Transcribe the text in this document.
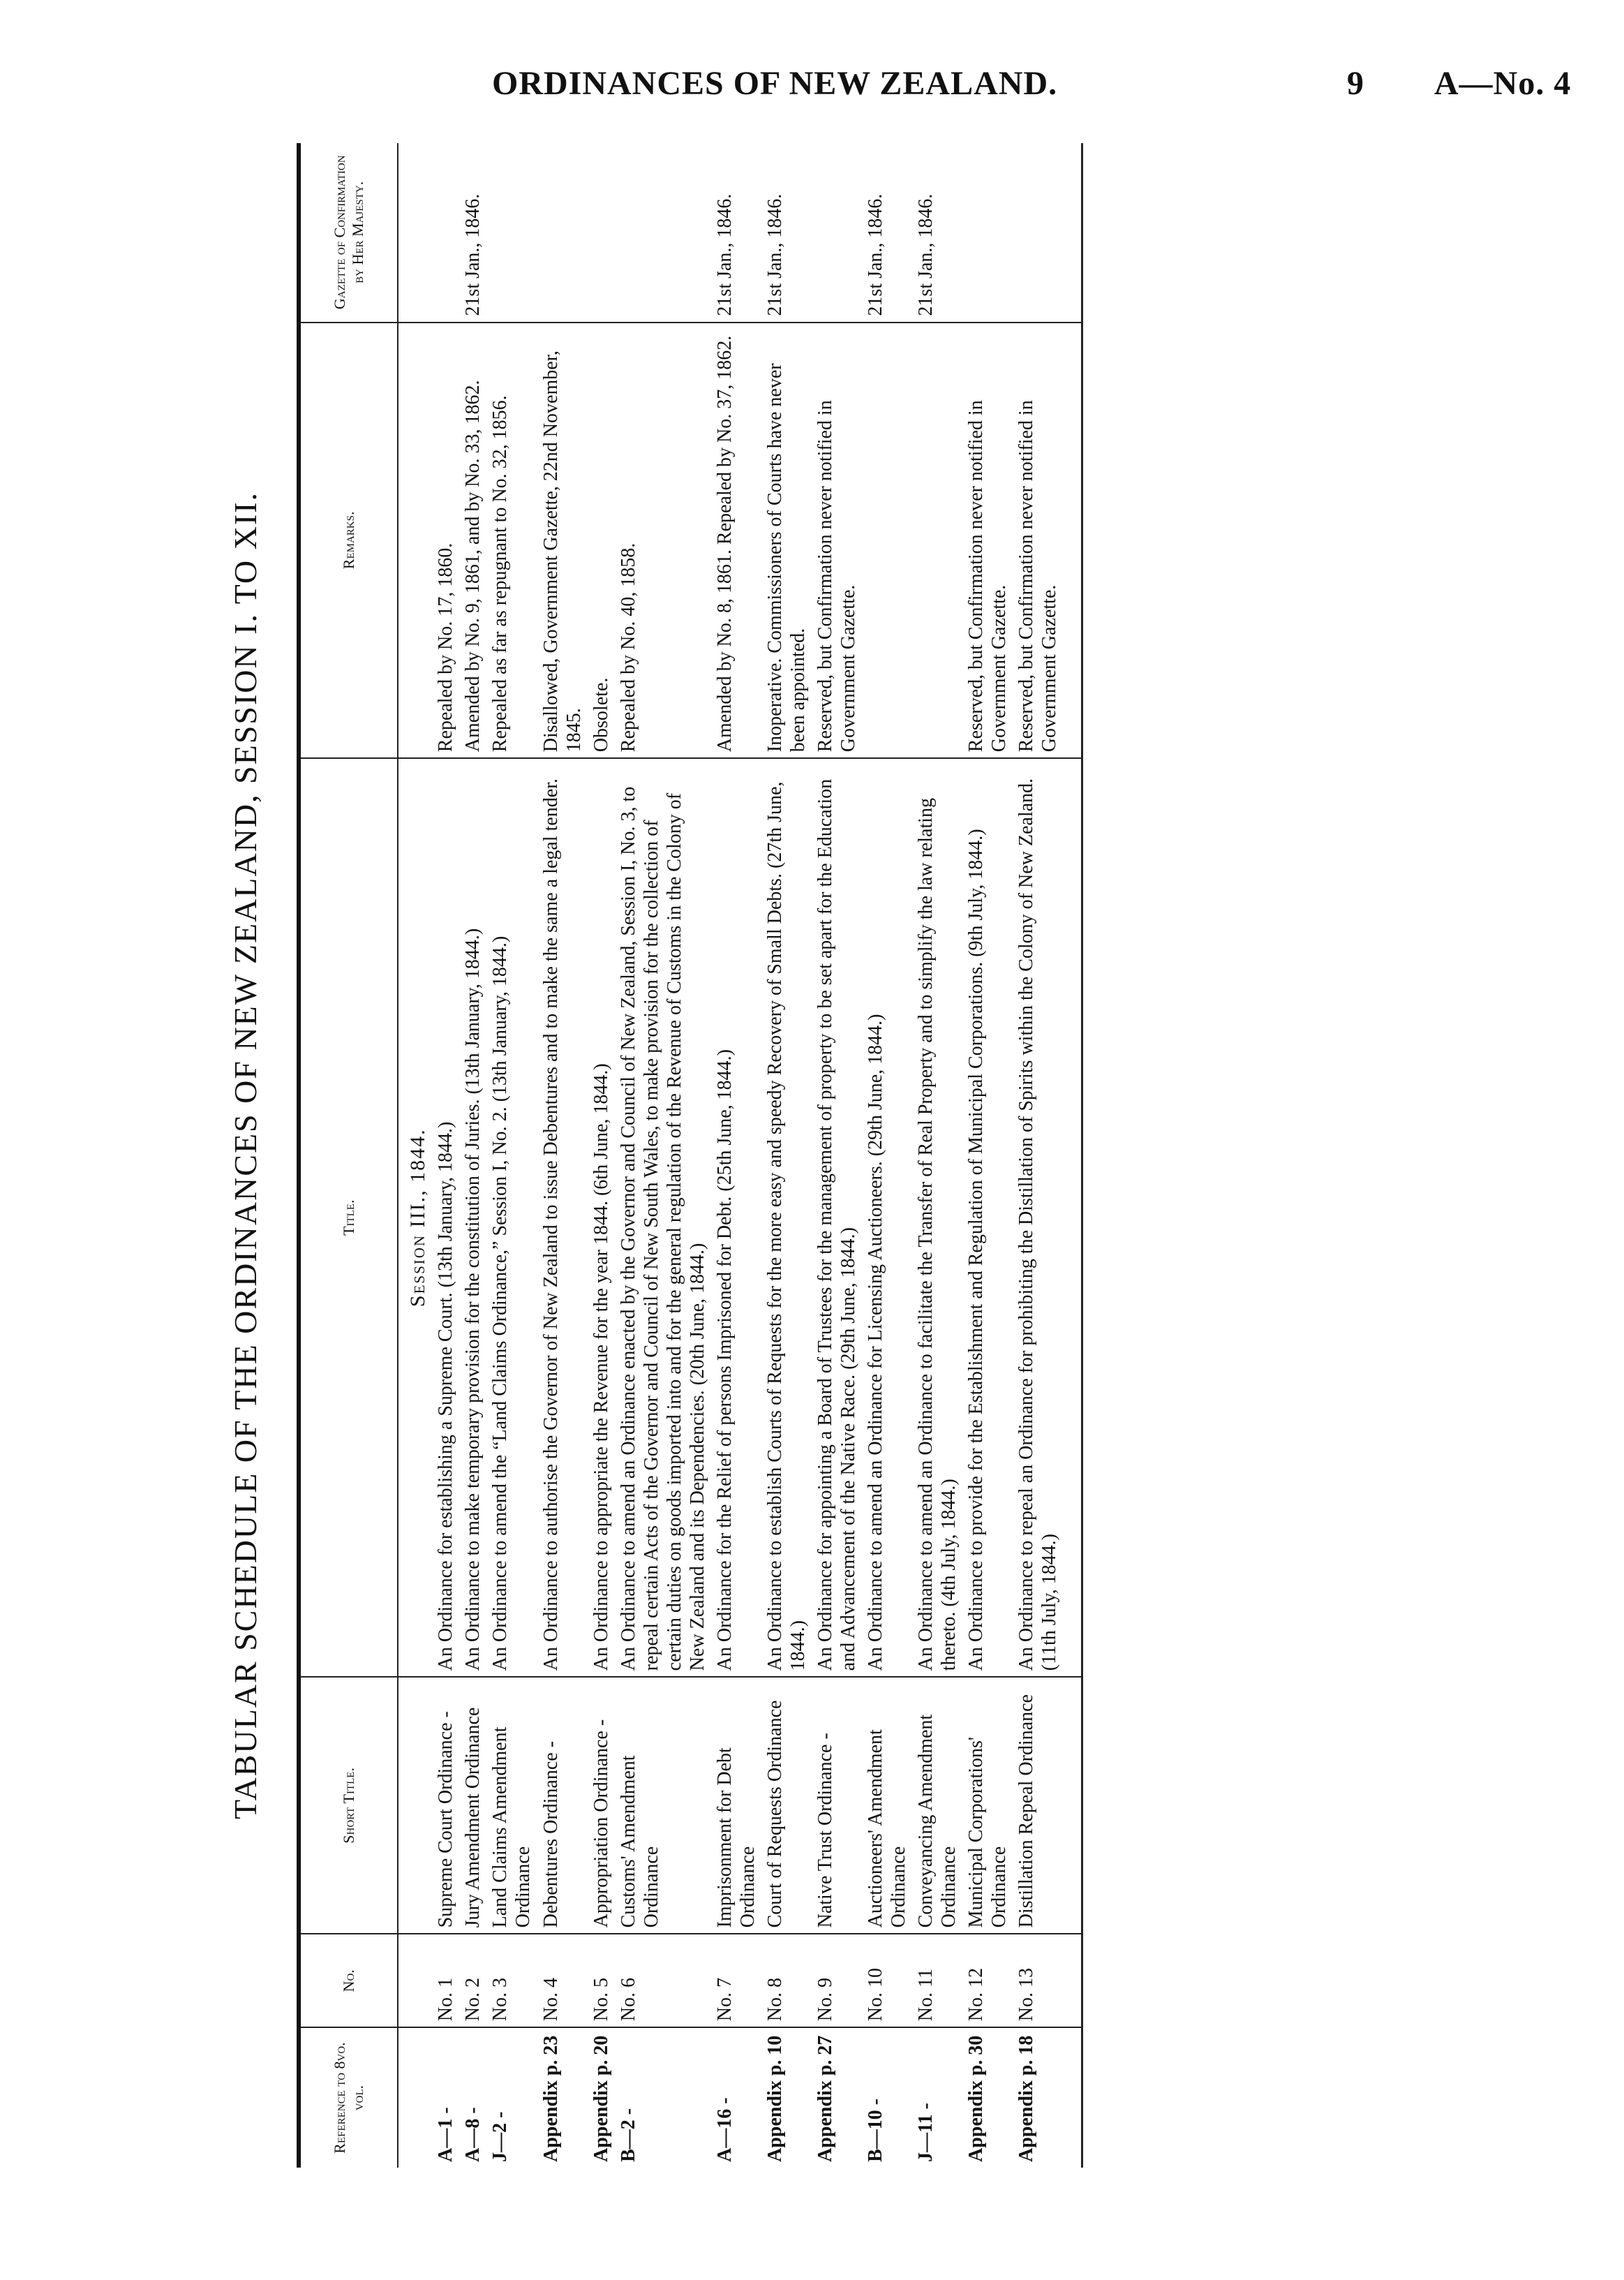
ORDINANCES OF NEW ZEALAND.	9 A—No. 4
TABULAR SCHEDULE OF THE ORDINANCES OF NEW ZEALAND, SESSION I. TO XII.
Reference to 8vo. vol.	No.	Short Title.	Title.	Remarks.	Gazette of Confirmation by Her Majesty.
			Session III., 1844.		
A—1 -	No. 1	Supreme Court Ordinance -	An Ordinance for establishing a Supreme Court. (13th January, 1844.)	Repealed by No. 17, 1860.	
A—8 -	No. 2	Jury Amendment Ordinance	An Ordinance to make temporary provision for the constitution of Juries. (13th January, 1844.)	Amended by No. 9, 1861, and by No. 33, 1862.	21st Jan., 1846.
J—2 -	No. 3	Land Claims Amendment Ordinance	An Ordinance to amend the “Land Claims Ordinance,” Session I, No. 2. (13th January, 1844.)	Repealed as far as repugnant to No. 32, 1856.	
Appendix p. 23	No. 4	Debentures Ordinance -	An Ordinance to authorise the Governor of New Zealand to issue Debentures and to make the same a legal tender.	Disallowed, Government Gazette, 22nd November, 1845.	
Appendix p. 20	No. 5	Appropriation Ordinance -	An Ordinance to appropriate the Revenue for the year 1844. (6th June, 1844.)	Obsolete.	
B—2 -	No. 6	Customs' Amendment Ordinance	An Ordinance to amend an Ordinance enacted by the Governor and Council of New Zealand, Session I, No. 3, to repeal certain Acts of the Governor and Council of New South Wales, to make provision for the collection of certain duties on goods imported into and for the general regulation of the Revenue of Customs in the Colony of New Zealand and its Dependencies. (20th June, 1844.)	Repealed by No. 40, 1858.	
A—16 -	No. 7	Imprisonment for Debt Ordinance	An Ordinance for the Relief of persons Imprisoned for Debt. (25th June, 1844.)	Amended by No. 8, 1861. Repealed by No. 37, 1862.	21st Jan., 1846.
Appendix p. 10	No. 8	Court of Requests Ordinance	An Ordinance to establish Courts of Requests for the more easy and speedy Recovery of Small Debts. (27th June, 1844.)	Inoperative. Commissioners of Courts have never been appointed.	21st Jan., 1846.
Appendix p. 27	No. 9	Native Trust Ordinance -	An Ordinance for appointing a Board of Trustees for the management of property to be set apart for the Education and Advancement of the Native Race. (29th June, 1844.)	Reserved, but Confirmation never notified in Government Gazette.	
B—10 -	No. 10	Auctioneers' Amendment Ordinance	An Ordinance to amend an Ordinance for Licensing Auctioneers. (29th June, 1844.)		21st Jan., 1846.
J—11 -	No. 11	Conveyancing Amendment Ordinance	An Ordinance to amend an Ordinance to facilitate the Transfer of Real Property and to simplify the law relating thereto. (4th July, 1844.)		21st Jan., 1846.
Appendix p. 30	No. 12	Municipal Corporations' Ordinance	An Ordinance to provide for the Establishment and Regulation of Municipal Corporations. (9th July, 1844.)	Reserved, but Confirmation never notified in Government Gazette.	
Appendix p. 18	No. 13	Distillation Repeal Ordinance	An Ordinance to repeal an Ordinance for prohibiting the Distillation of Spirits within the Colony of New Zealand. (11th July, 1844.)	Reserved, but Confirmation never notified in Government Gazette.	
